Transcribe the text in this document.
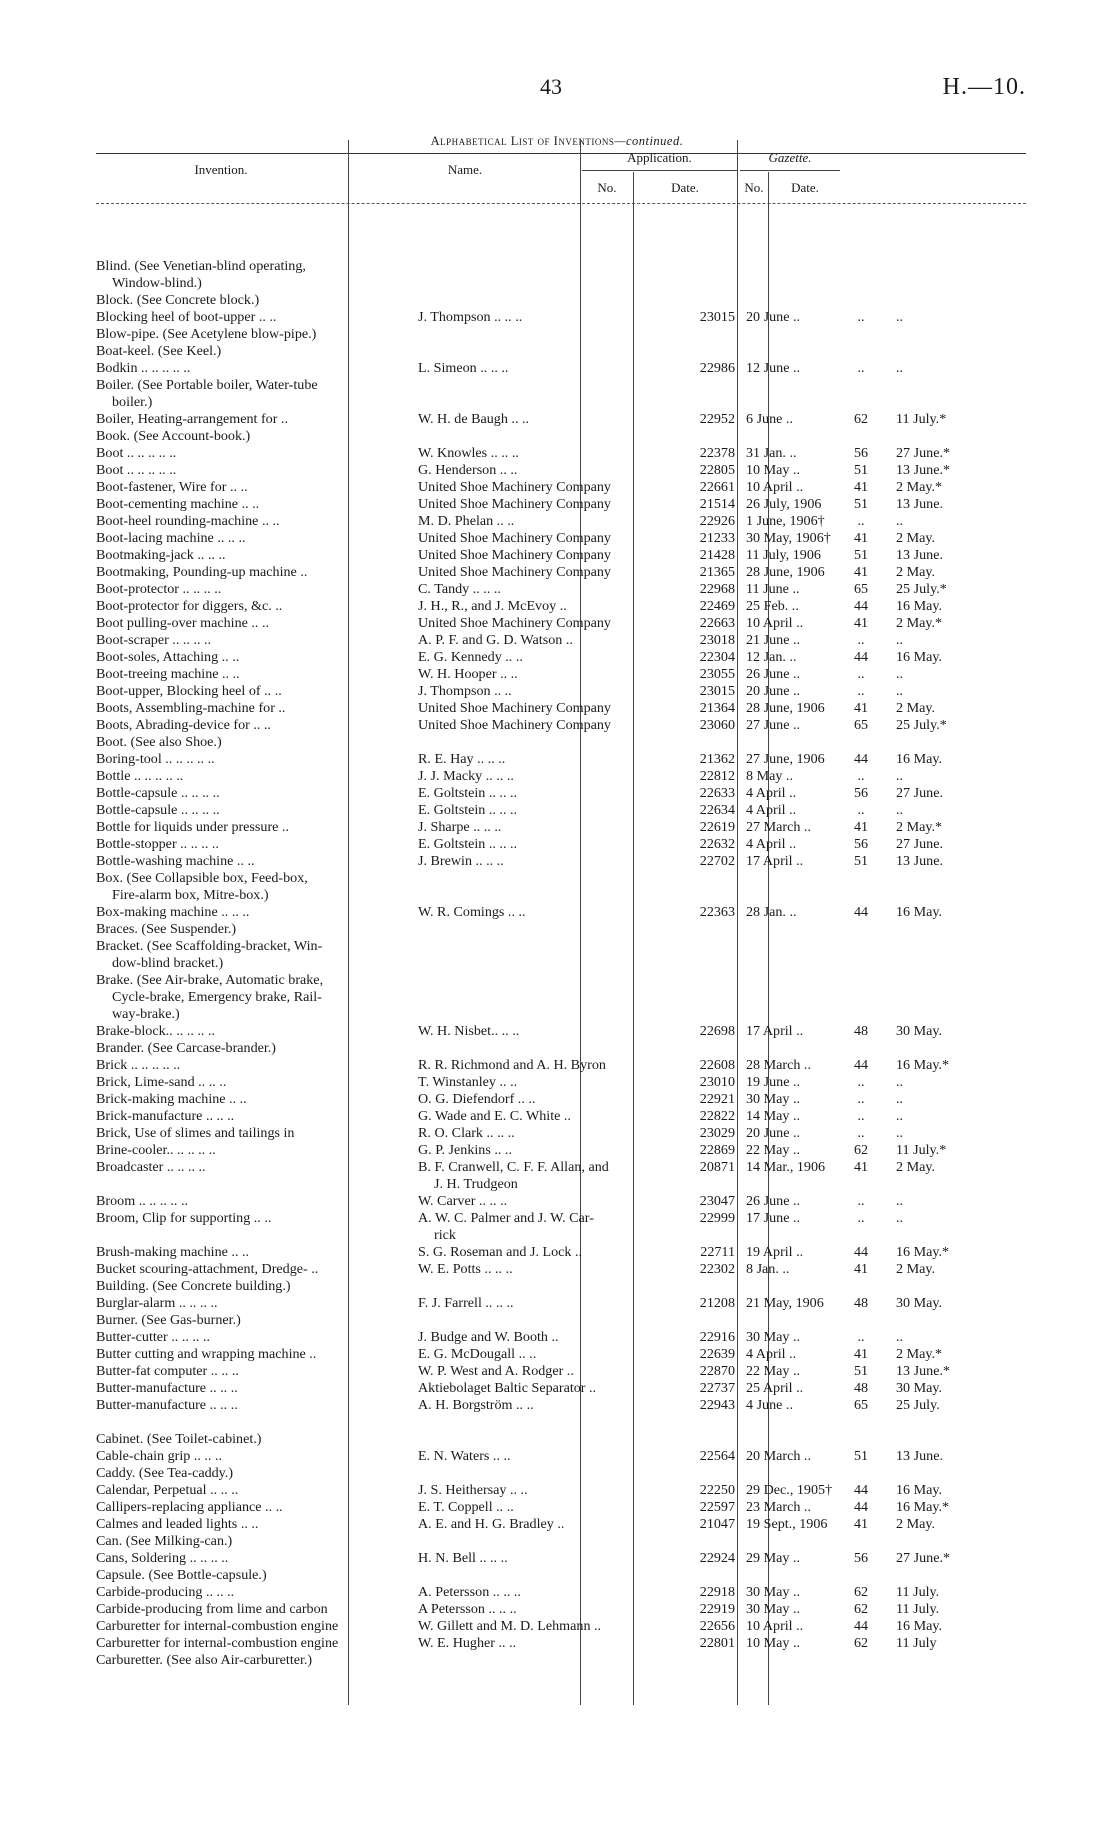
43	H.—10.
Alphabetical List of Inventions—continued.
Invention.	Name.
Application.
No.	Date.
Gazette.
No.	Date.
Blind. (See Venetian-blind operating,
Window-blind.)
Block. (See Concrete block.)
Blocking heel of boot-upper .. ..	J. Thompson .. .. ..	23015 20 June ..	..	..
Blow-pipe. (See Acetylene blow-pipe.)
Boat-keel. (See Keel.)
Bodkin .. .. .. .. ..	L. Simeon .. .. ..	22986 12 June ..	..	..
Boiler. (See Portable boiler, Water-tube
boiler.)
Boiler, Heating-arrangement for ..	W. H. de Baugh .. ..	22952 6 June ..	62	11 July.*
Book. (See Account-book.)
Boot .. .. .. .. ..	W. Knowles .. .. ..	22378 31 Jan. ..	56	27 June.*
Boot .. .. .. .. ..	G. Henderson .. ..	22805 10 May ..	51	13 June.*
Boot-fastener, Wire for .. ..	United Shoe Machinery Company	22661 10 April ..	41	2 May.*
Boot-cementing machine .. ..	United Shoe Machinery Company	21514 26 July, 1906	51	13 June.
Boot-heel rounding-machine .. ..	M. D. Phelan .. ..	22926 1 June, 1906†	..	..
Boot-lacing machine .. .. ..	United Shoe Machinery Company	21233 30 May, 1906†	41	2 May.
Bootmaking-jack .. .. ..	United Shoe Machinery Company	21428 11 July, 1906	51	13 June.
Bootmaking, Pounding-up machine ..	United Shoe Machinery Company	21365 28 June, 1906	41	2 May.
Boot-protector .. .. .. ..	C. Tandy .. .. ..	22968 11 June ..	65	25 July.*
Boot-protector for diggers, &c. ..	J. H., R., and J. McEvoy ..	22469 25 Feb. ..	44	16 May.
Boot pulling-over machine .. ..	United Shoe Machinery Company	22663 10 April ..	41	2 May.*
Boot-scraper .. .. .. ..	A. P. F. and G. D. Watson ..	23018 21 June ..	..	..
Boot-soles, Attaching .. ..	E. G. Kennedy .. ..	22304 12 Jan. ..	44	16 May.
Boot-treeing machine .. ..	W. H. Hooper .. ..	23055 26 June ..	..	..
Boot-upper, Blocking heel of .. ..	J. Thompson .. ..	23015 20 June ..	..	..
Boots, Assembling-machine for ..	United Shoe Machinery Company	21364 28 June, 1906	41	2 May.
Boots, Abrading-device for .. ..	United Shoe Machinery Company	23060 27 June ..	65	25 July.*
Boot. (See also Shoe.)
Boring-tool .. .. .. .. ..	R. E. Hay .. .. ..	21362 27 June, 1906	44	16 May.
Bottle .. .. .. .. ..	J. J. Macky .. .. ..	22812 8 May ..	..	..
Bottle-capsule .. .. .. ..	E. Goltstein .. .. ..	22633 4 April ..	56	27 June.
Bottle-capsule .. .. .. ..	E. Goltstein .. .. ..	22634 4 April ..	..	..
Bottle for liquids under pressure ..	J. Sharpe .. .. ..	22619 27 March ..	41	2 May.*
Bottle-stopper .. .. .. ..	E. Goltstein .. .. ..	22632 4 April ..	56	27 June.
Bottle-washing machine .. ..	J. Brewin .. .. ..	22702 17 April ..	51	13 June.
Box. (See Collapsible box, Feed-box,
Fire-alarm box, Mitre-box.)
Box-making machine .. .. ..	W. R. Comings .. ..	22363 28 Jan. ..	44	16 May.
Braces. (See Suspender.)
Bracket. (See Scaffolding-bracket, Win-
dow-blind bracket.)
Brake. (See Air-brake, Automatic brake,
Cycle-brake, Emergency brake, Rail-
way-brake.)
Brake-block.. .. .. .. ..	W. H. Nisbet.. .. ..	22698 17 April ..	48	30 May.
Brander. (See Carcase-brander.)
Brick .. .. .. .. ..	R. R. Richmond and A. H. Byron	22608 28 March ..	44	16 May.*
Brick, Lime-sand .. .. ..	T. Winstanley .. ..	23010 19 June ..	..	..
Brick-making machine .. ..	O. G. Diefendorf .. ..	22921 30 May ..	..	..
Brick-manufacture .. .. ..	G. Wade and E. C. White ..	22822 14 May ..	..	..
Brick, Use of slimes and tailings in	R. O. Clark .. .. ..	23029 20 June ..	..	..
Brine-cooler.. .. .. .. ..	G. P. Jenkins .. ..	22869 22 May ..	62	11 July.*
Broadcaster .. .. .. ..	B. F. Cranwell, C. F. F. Allan, and	20871 14 Mar., 1906	41	2 May.
J. H. Trudgeon
Broom .. .. .. .. ..	W. Carver .. .. ..	23047 26 June ..	..	..
Broom, Clip for supporting .. ..	A. W. C. Palmer and J. W. Car-	22999 17 June ..	..	..
rick
Brush-making machine .. ..	S. G. Roseman and J. Lock ..	22711 19 April ..	44	16 May.*
Bucket scouring-attachment, Dredge- ..	W. E. Potts .. .. ..	22302 8 Jan. ..	41	2 May.
Building. (See Concrete building.)
Burglar-alarm .. .. .. ..	F. J. Farrell .. .. ..	21208 21 May, 1906	48	30 May.
Burner. (See Gas-burner.)
Butter-cutter .. .. .. ..	J. Budge and W. Booth ..	22916 30 May ..	..	..
Butter cutting and wrapping machine ..	E. G. McDougall .. ..	22639 4 April ..	41	2 May.*
Butter-fat computer .. .. ..	W. P. West and A. Rodger ..	22870 22 May ..	51	13 June.*
Butter-manufacture .. .. ..	Aktiebolaget Baltic Separator ..	22737 25 April ..	48	30 May.
Butter-manufacture .. .. ..	A. H. Borgström .. ..	22943 4 June ..	65	25 July.
Cabinet. (See Toilet-cabinet.)
Cable-chain grip .. .. ..	E. N. Waters .. ..	22564 20 March ..	51	13 June.
Caddy. (See Tea-caddy.)
Calendar, Perpetual .. .. ..	J. S. Heithersay .. ..	22250 29 Dec., 1905†	44	16 May.
Callipers-replacing appliance .. ..	E. T. Coppell .. ..	22597 23 March ..	44	16 May.*
Calmes and leaded lights .. ..	A. E. and H. G. Bradley ..	21047 19 Sept., 1906	41	2 May.
Can. (See Milking-can.)
Cans, Soldering .. .. .. ..	H. N. Bell .. .. ..	22924 29 May ..	56	27 June.*
Capsule. (See Bottle-capsule.)
Carbide-producing .. .. ..	A. Petersson .. .. ..	22918 30 May ..	62	11 July.
Carbide-producing from lime and carbon	A Petersson .. .. ..	22919 30 May ..	62	11 July.
Carburetter for internal-combustion engine	W. Gillett and M. D. Lehmann ..	22656 10 April ..	44	16 May.
Carburetter for internal-combustion engine	W. E. Hugher .. ..	22801 10 May ..	62	11 July
Carburetter. (See also Air-carburetter.)
